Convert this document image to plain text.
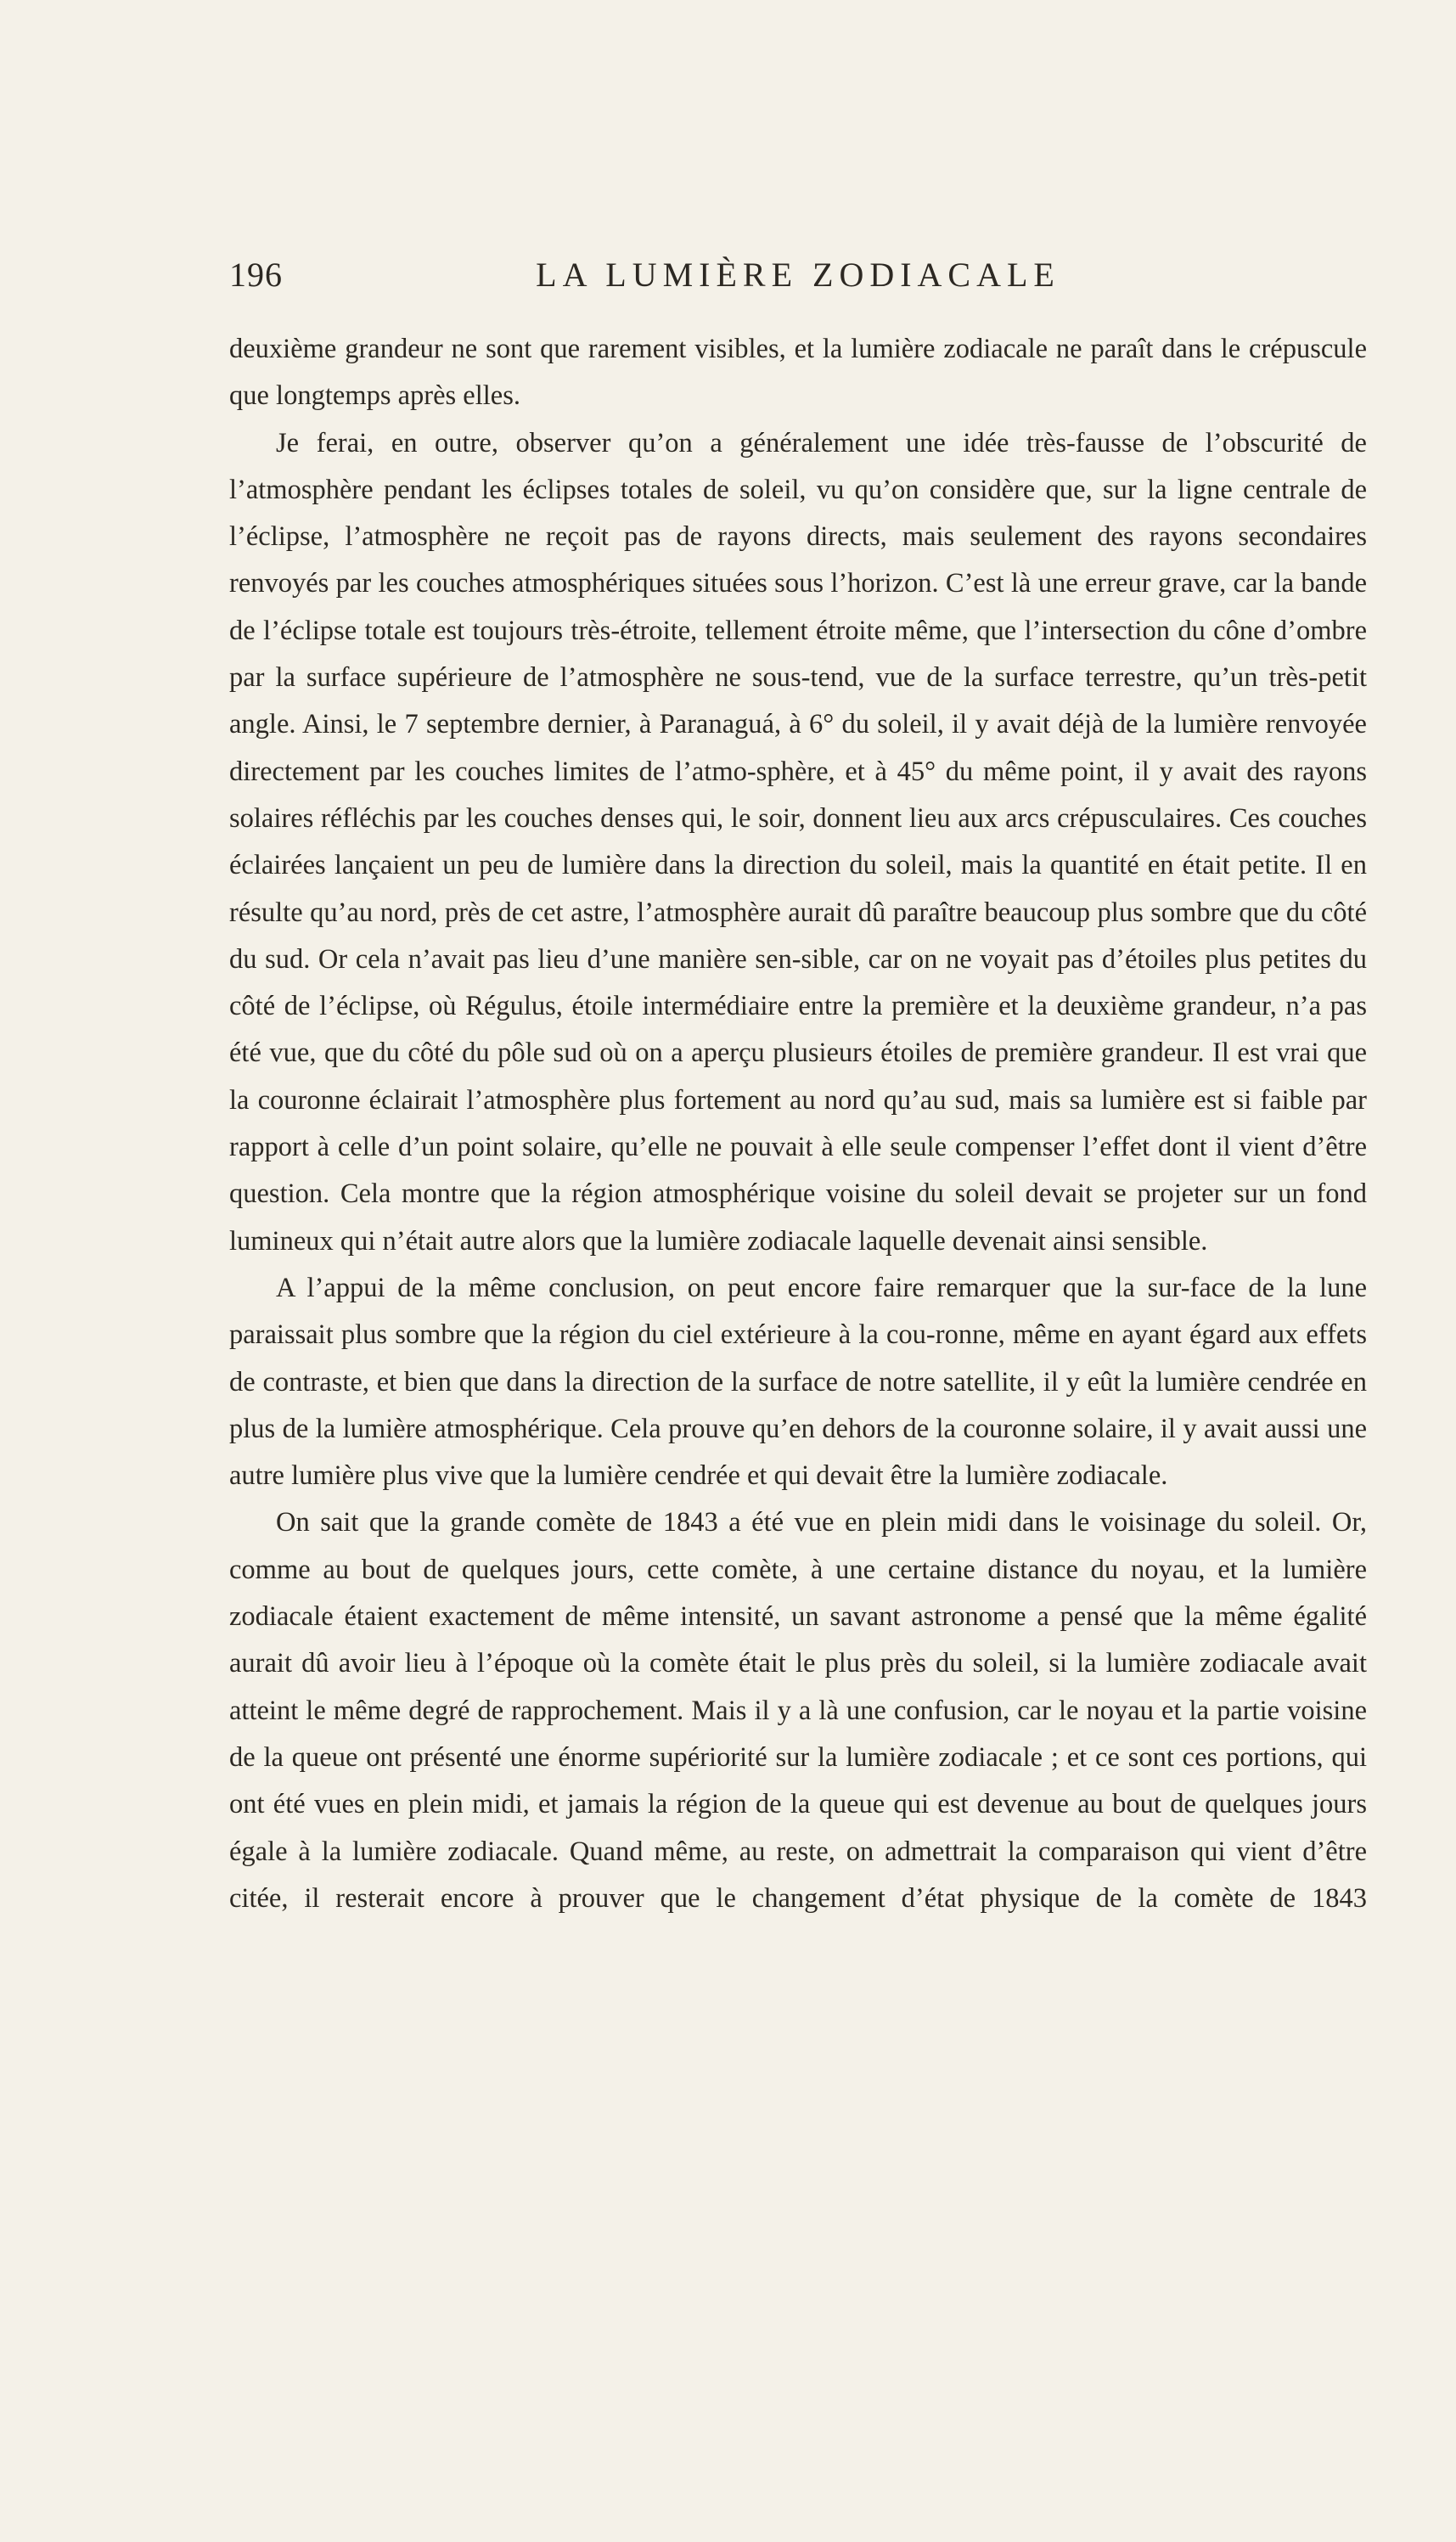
196	LA LUMIÈRE ZODIACALE

deuxième grandeur ne sont que rarement visibles, et la lumière zodiacale ne paraît dans le crépuscule que longtemps après elles.

Je ferai, en outre, observer qu’on a généralement une idée très-fausse de l’obscurité de l’atmosphère pendant les éclipses totales de soleil, vu qu’on considère que, sur la ligne centrale de l’éclipse, l’atmosphère ne reçoit pas de rayons directs, mais seulement des rayons secondaires renvoyés par les couches atmosphériques situées sous l’horizon. C’est là une erreur grave, car la bande de l’éclipse totale est toujours très-étroite, tellement étroite même, que l’intersection du cône d’ombre par la surface supérieure de l’atmosphère ne sous-tend, vue de la surface terrestre, qu’un très-petit angle. Ainsi, le 7 septembre dernier, à Paranaguá, à 6° du soleil, il y avait déjà de la lumière renvoyée directement par les couches limites de l’atmo-sphère, et à 45° du même point, il y avait des rayons solaires réfléchis par les couches denses qui, le soir, donnent lieu aux arcs crépusculaires. Ces couches éclairées lançaient un peu de lumière dans la direction du soleil, mais la quantité en était petite. Il en résulte qu’au nord, près de cet astre, l’atmosphère aurait dû paraître beaucoup plus sombre que du côté du sud. Or cela n’avait pas lieu d’une manière sen-sible, car on ne voyait pas d’étoiles plus petites du côté de l’éclipse, où Régulus, étoile intermédiaire entre la première et la deuxième grandeur, n’a pas été vue, que du côté du pôle sud où on a aperçu plusieurs étoiles de première grandeur. Il est vrai que la couronne éclairait l’atmosphère plus fortement au nord qu’au sud, mais sa lumière est si faible par rapport à celle d’un point solaire, qu’elle ne pouvait à elle seule compenser l’effet dont il vient d’être question. Cela montre que la région atmosphérique voisine du soleil devait se projeter sur un fond lumineux qui n’était autre alors que la lumière zodiacale laquelle devenait ainsi sensible.

A l’appui de la même conclusion, on peut encore faire remarquer que la sur-face de la lune paraissait plus sombre que la région du ciel extérieure à la cou-ronne, même en ayant égard aux effets de contraste, et bien que dans la direction de la surface de notre satellite, il y eût la lumière cendrée en plus de la lumière atmosphérique. Cela prouve qu’en dehors de la couronne solaire, il y avait aussi une autre lumière plus vive que la lumière cendrée et qui devait être la lumière zodiacale.

On sait que la grande comète de 1843 a été vue en plein midi dans le voisinage du soleil. Or, comme au bout de quelques jours, cette comète, à une certaine distance du noyau, et la lumière zodiacale étaient exactement de même intensité, un savant astronome a pensé que la même égalité aurait dû avoir lieu à l’époque où la comète était le plus près du soleil, si la lumière zodiacale avait atteint le même degré de rapprochement. Mais il y a là une confusion, car le noyau et la partie voisine de la queue ont présenté une énorme supériorité sur la lumière zodiacale ; et ce sont ces portions, qui ont été vues en plein midi, et jamais la région de la queue qui est devenue au bout de quelques jours égale à la lumière zodiacale. Quand même, au reste, on admettrait la comparaison qui vient d’être citée, il resterait encore à prouver que le changement d’état physique de la comète de 1843
